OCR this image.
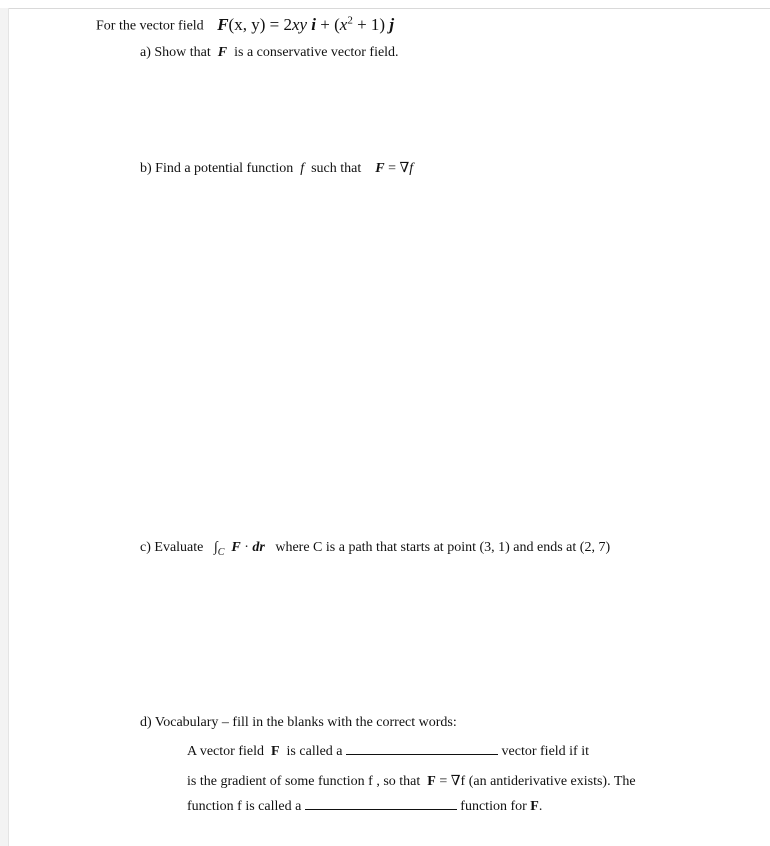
For the vector field F(x, y) = 2xy $i + (x^2 + 1)$ j
a) Show that F is a conservative vector field.
b) Find a potential function f such that F = ∇f
c) Evaluate $\int_C$ F · dr where C is a path that starts at point (3, 1) and ends at (2, 7)
d) Vocabulary – fill in the blanks with the correct words:
A vector field F is called a	vector field if it
is the gradient of some function f , so that F = ∇f (an antiderivative exists). The
function f is called a	function for F.
